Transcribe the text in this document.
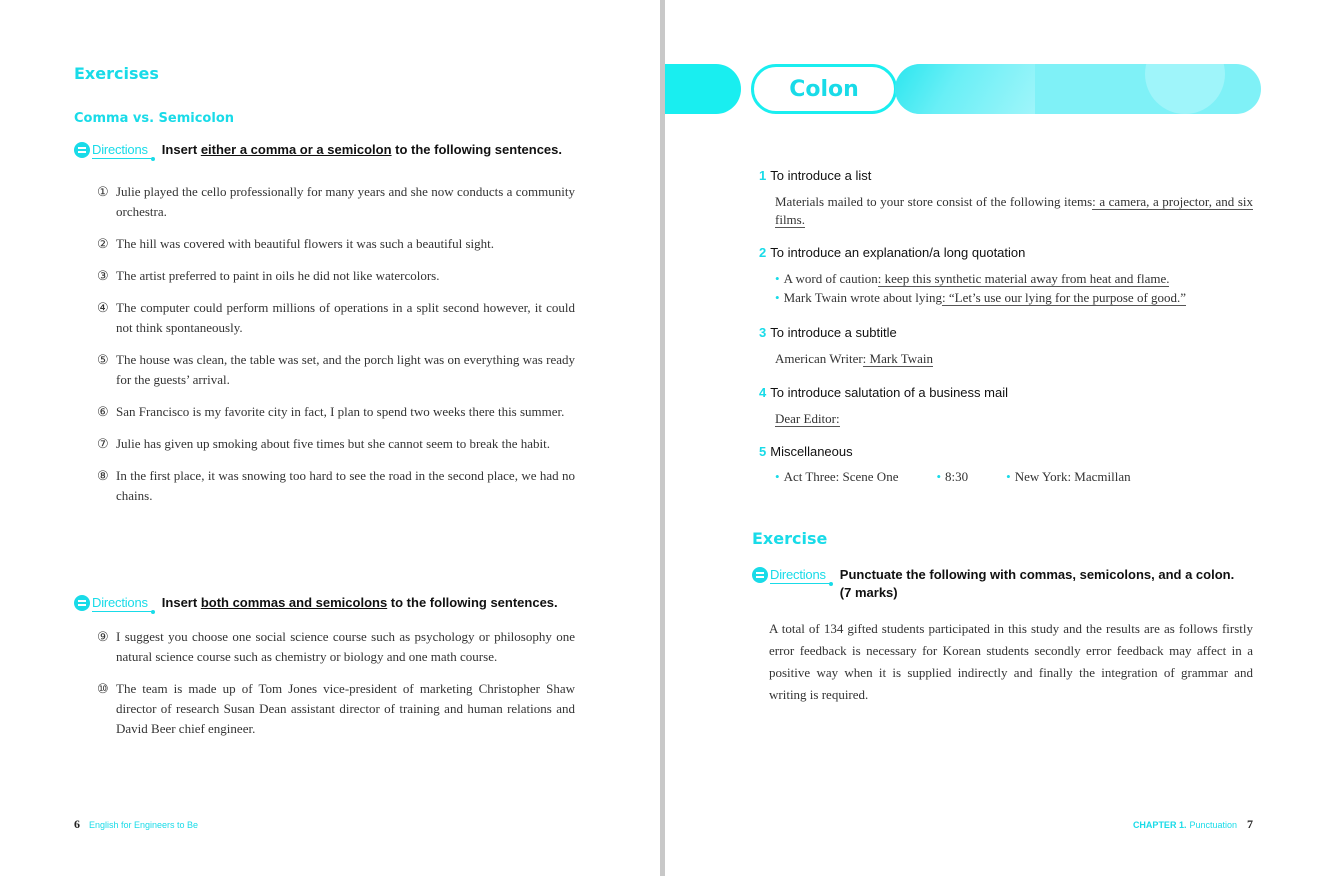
Exercises
Comma vs. Semicolon
Directions	Insert either a comma or a semicolon to the following sentences.
① Julie played the cello professionally for many years and she now conducts a community orchestra.
② The hill was covered with beautiful flowers it was such a beautiful sight.
③ The artist preferred to paint in oils he did not like watercolors.
④ The computer could perform millions of operations in a split second however, it could not think spontaneously.
⑤ The house was clean, the table was set, and the porch light was on everything was ready for the guests’ arrival.
⑥ San Francisco is my favorite city in fact, I plan to spend two weeks there this summer.
⑦ Julie has given up smoking about five times but she cannot seem to break the habit.
⑧ In the first place, it was snowing too hard to see the road in the second place, we had no chains.
Directions	Insert both commas and semicolons to the following sentences.
⑨ I suggest you choose one social science course such as psychology or philosophy one natural science course such as chemistry or biology and one math course.
⑩ The team is made up of Tom Jones vice-president of marketing Christopher Shaw director of research Susan Dean assistant director of training and human relations and David Beer chief engineer.
6 English for Engineers to Be
Colon
1 To introduce a list
Materials mailed to your store consist of the following items: a camera, a projector, and six films.
2 To introduce an explanation/a long quotation
• A word of caution: keep this synthetic material away from heat and flame.
• Mark Twain wrote about lying: “Let’s use our lying for the purpose of good.”
3 To introduce a subtitle
American Writer: Mark Twain
4 To introduce salutation of a business mail
Dear Editor:
5 Miscellaneous
• Act Three: Scene One	• 8:30	• New York: Macmillan
Exercise
Directions	Punctuate the following with commas, semicolons, and a colon.
(7 marks)
A total of 134 gifted students participated in this study and the results are as follows firstly error feedback is necessary for Korean students secondly error feedback may affect in a positive way when it is supplied indirectly and finally the integration of grammar and writing is required.
CHAPTER 1. Punctuation 7
